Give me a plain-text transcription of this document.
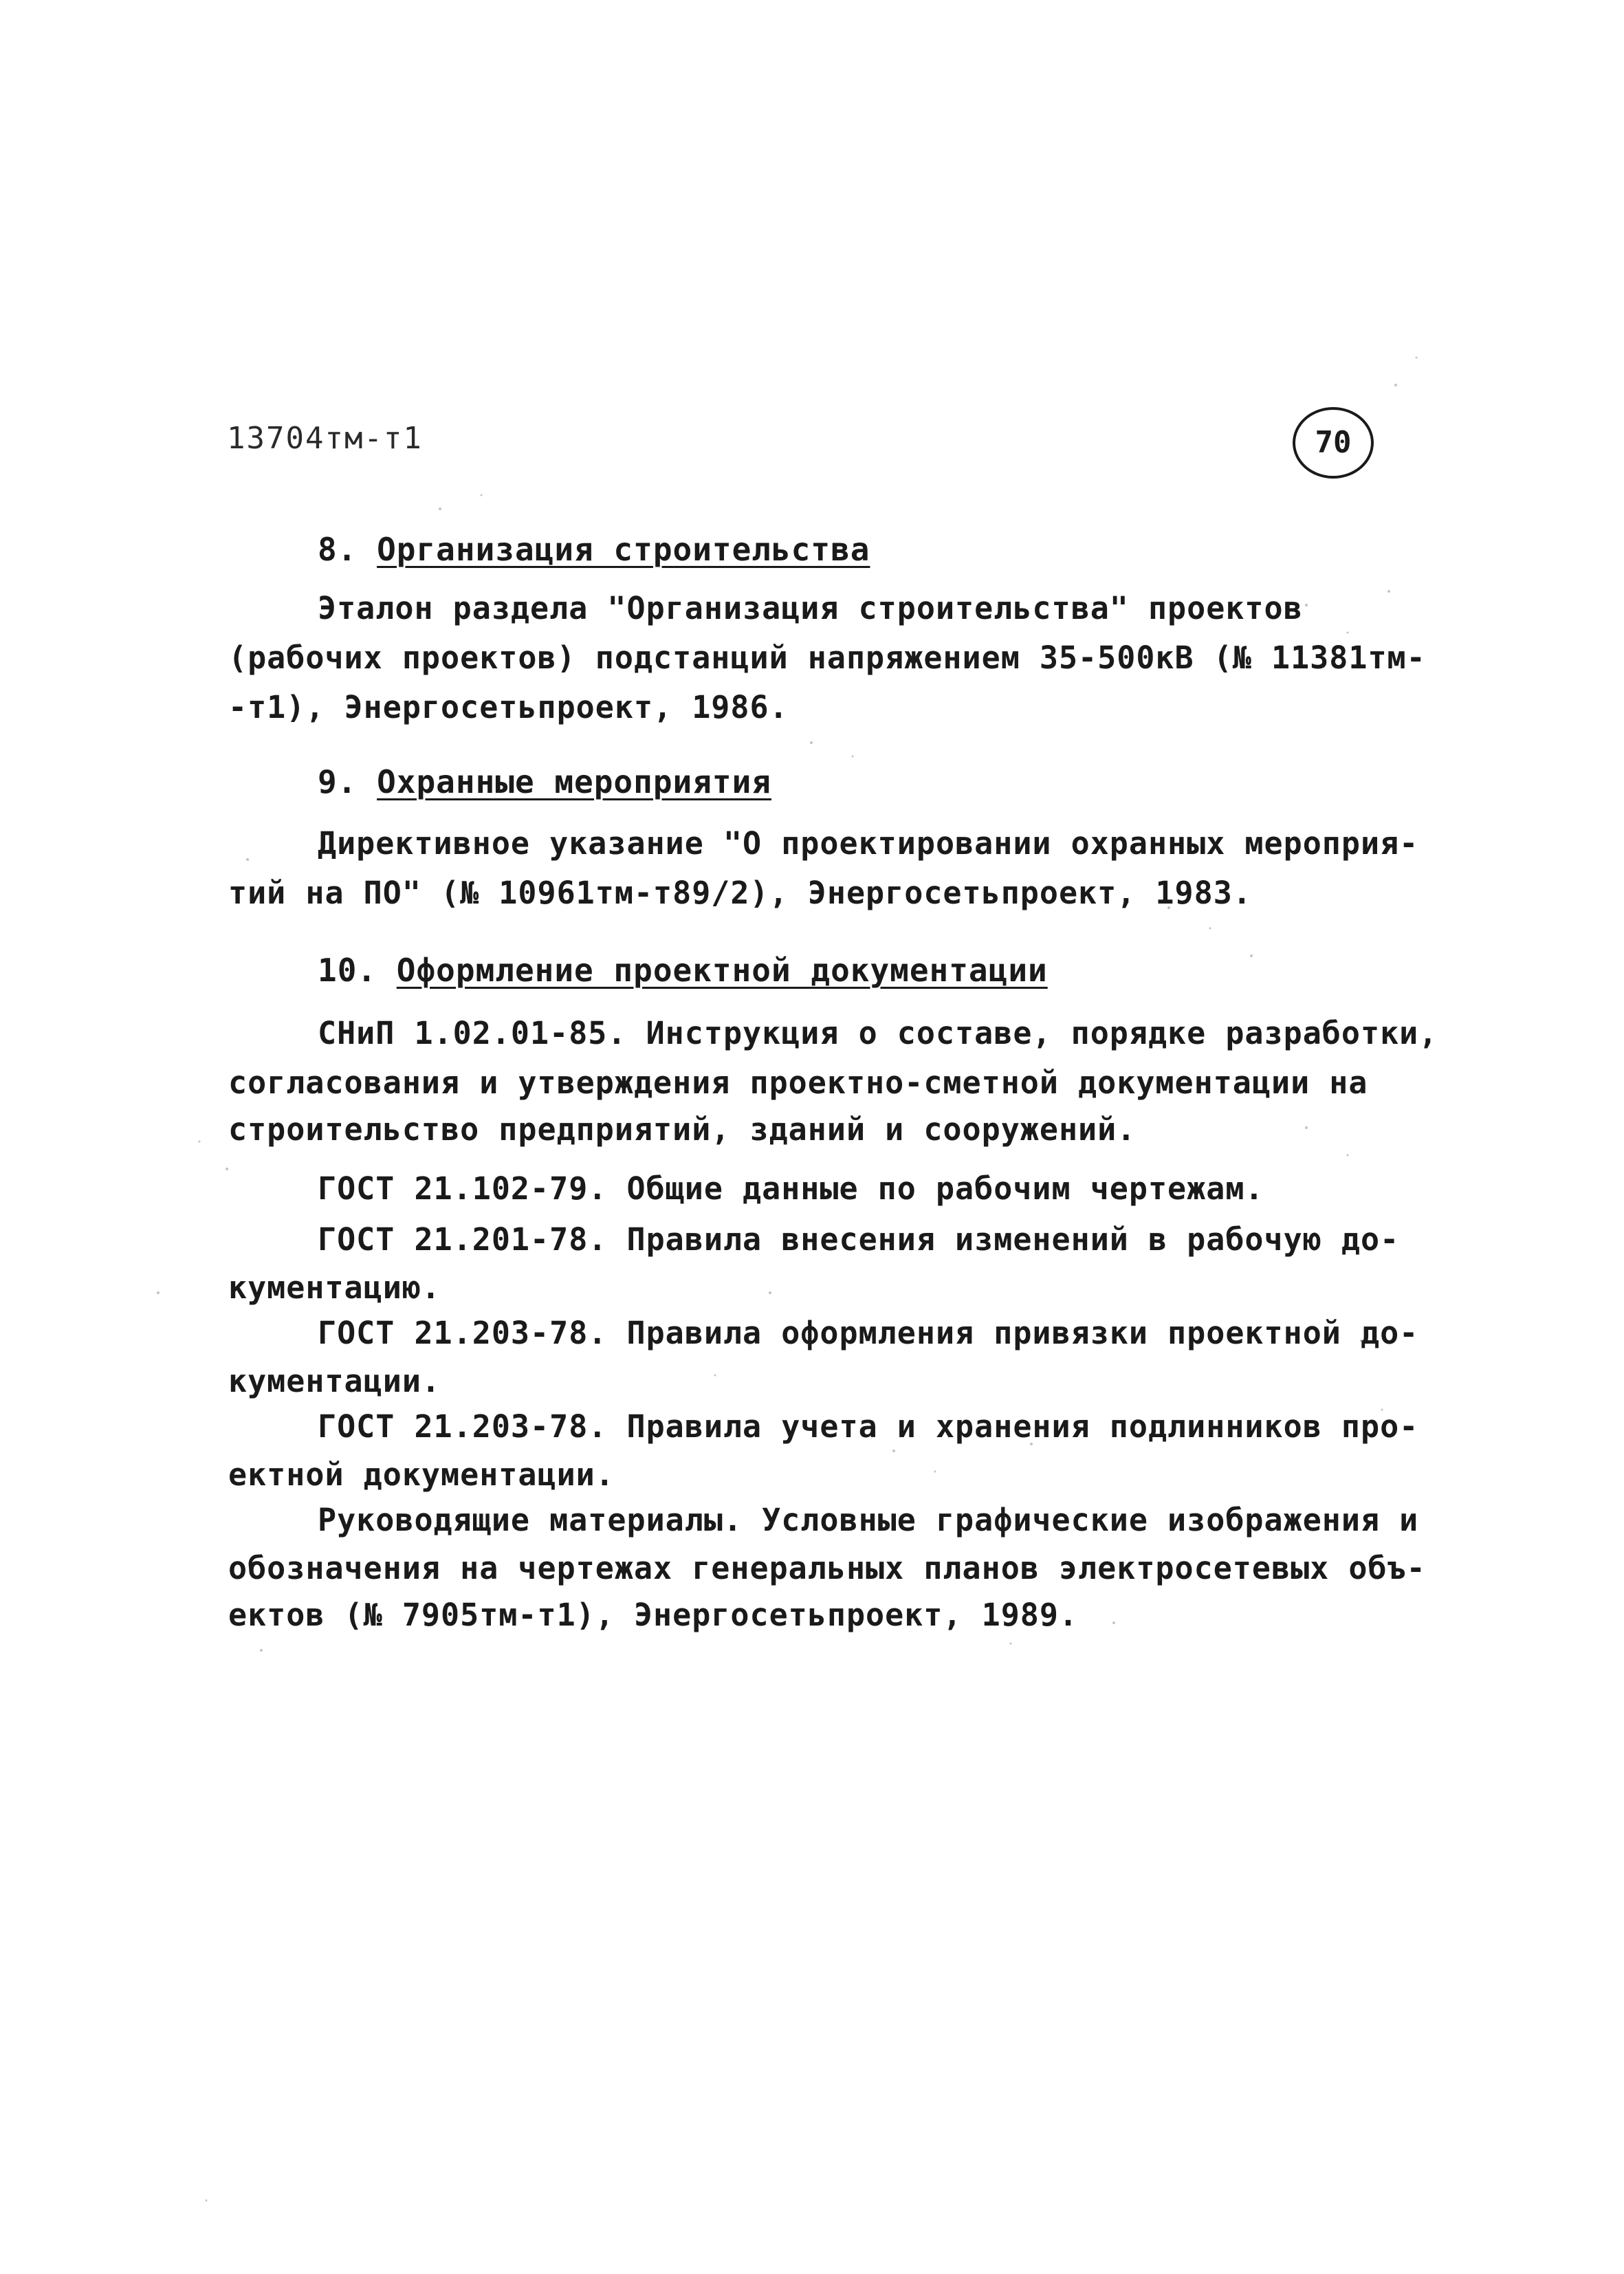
13704тм-т1	70
8. Организация строительства
Эталон раздела "Организация строительства" проектов
(рабочих проектов) подстанций напряжением 35-500кВ (№ 11381тм-
-т1), Энергосетьпроект, 1986.
9. Охранные мероприятия
Директивное указание "О проектировании охранных мероприя-
тий на ПО" (№ 10961тм-т89/2), Энергосетьпроект, 1983.
10. Оформление проектной документации
СНиП 1.02.01-85. Инструкция о составе, порядке разработки,
согласования и утверждения проектно-сметной документации на
строительство предприятий, зданий и сооружений.
ГОСТ 21.102-79. Общие данные по рабочим чертежам.
ГОСТ 21.201-78. Правила внесения изменений в рабочую до-
кументацию.
ГОСТ 21.203-78. Правила оформления привязки проектной до-
кументации.
ГОСТ 21.203-78. Правила учета и хранения подлинников про-
ектной документации.
Руководящие материалы. Условные графические изображения и
обозначения на чертежах генеральных планов электросетевых объ-
ектов (№ 7905тм-т1), Энергосетьпроект, 1989.
